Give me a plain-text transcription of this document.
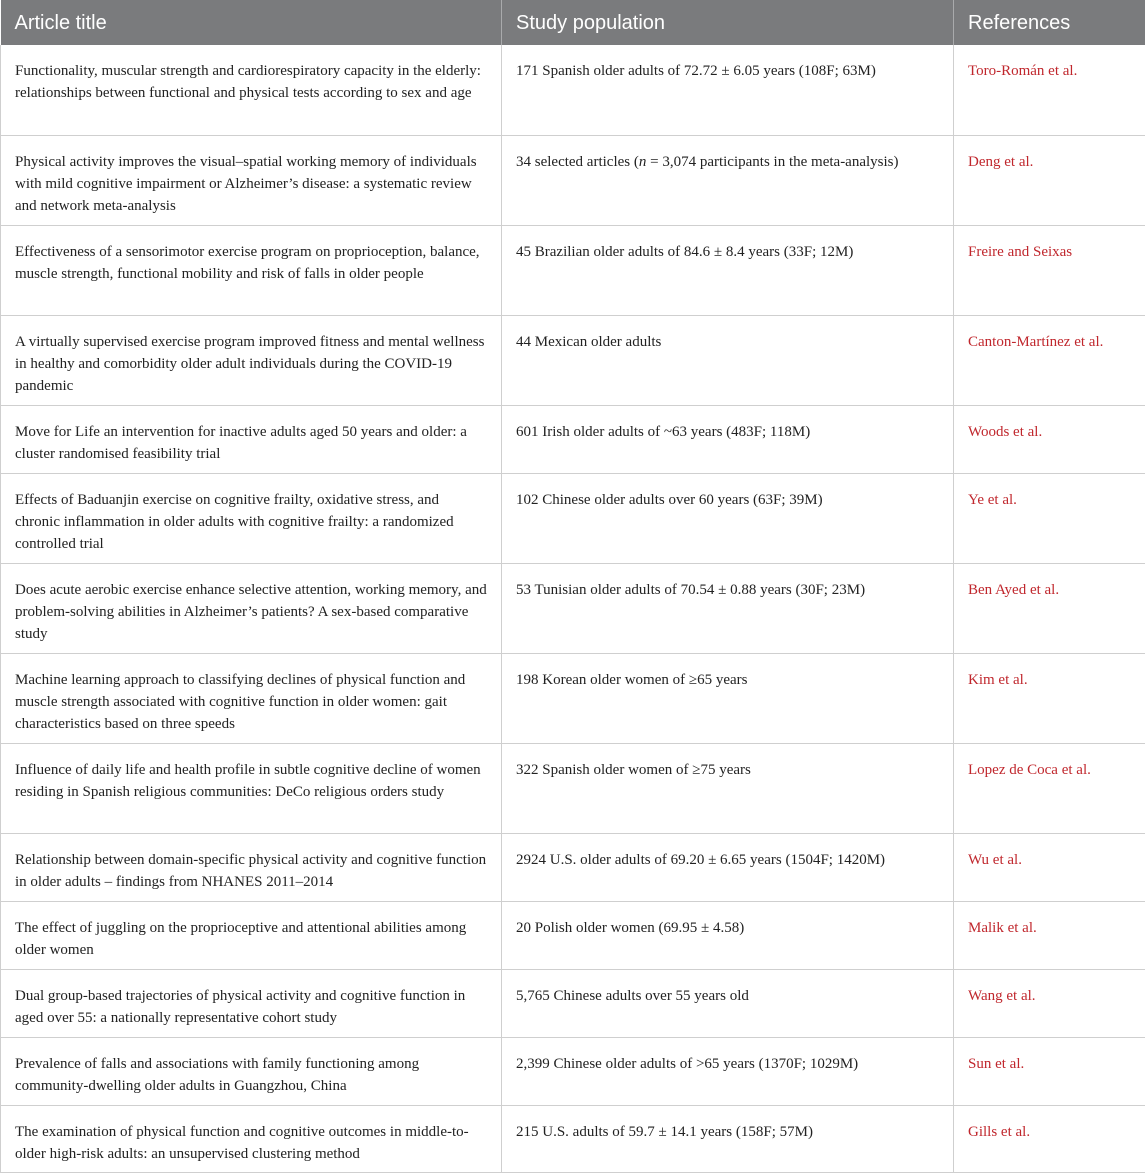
Article title	Study population	References
Functionality, muscular strength and cardiorespiratory capacity in the elderly: relationships between functional and physical tests according to sex and age	171 Spanish older adults of 72.72 ± 6.05 years (108F; 63M)	Toro-Román et al.
Physical activity improves the visual–spatial working memory of individuals with mild cognitive impairment or Alzheimer’s disease: a systematic review and network meta-analysis	34 selected articles (n = 3,074 participants in the meta-analysis)	Deng et al.
Effectiveness of a sensorimotor exercise program on proprioception, balance, muscle strength, functional mobility and risk of falls in older people	45 Brazilian older adults of 84.6 ± 8.4 years (33F; 12M)	Freire and Seixas
A virtually supervised exercise program improved fitness and mental wellness in healthy and comorbidity older adult individuals during the COVID-19 pandemic	44 Mexican older adults	Canton-Martínez et al.
Move for Life an intervention for inactive adults aged 50 years and older: a cluster randomised feasibility trial	601 Irish older adults of ~63 years (483F; 118M)	Woods et al.
Effects of Baduanjin exercise on cognitive frailty, oxidative stress, and chronic inflammation in older adults with cognitive frailty: a randomized controlled trial	102 Chinese older adults over 60 years (63F; 39M)	Ye et al.
Does acute aerobic exercise enhance selective attention, working memory, and problem-solving abilities in Alzheimer’s patients? A sex-based comparative study	53 Tunisian older adults of 70.54 ± 0.88 years (30F; 23M)	Ben Ayed et al.
Machine learning approach to classifying declines of physical function and muscle strength associated with cognitive function in older women: gait characteristics based on three speeds	198 Korean older women of ≥65 years	Kim et al.
Influence of daily life and health profile in subtle cognitive decline of women residing in Spanish religious communities: DeCo religious orders study	322 Spanish older women of ≥75 years	Lopez de Coca et al.
Relationship between domain-specific physical activity and cognitive function in older adults – findings from NHANES 2011–2014	2924 U.S. older adults of 69.20 ± 6.65 years (1504F; 1420M)	Wu et al.
The effect of juggling on the proprioceptive and attentional abilities among older women	20 Polish older women (69.95 ± 4.58)	Malik et al.
Dual group-based trajectories of physical activity and cognitive function in aged over 55: a nationally representative cohort study	5,765 Chinese adults over 55 years old	Wang et al.
Prevalence of falls and associations with family functioning among community-dwelling older adults in Guangzhou, China	2,399 Chinese older adults of >65 years (1370F; 1029M)	Sun et al.
The examination of physical function and cognitive outcomes in middle-to-older high-risk adults: an unsupervised clustering method	215 U.S. adults of 59.7 ± 14.1 years (158F; 57M)	Gills et al.
